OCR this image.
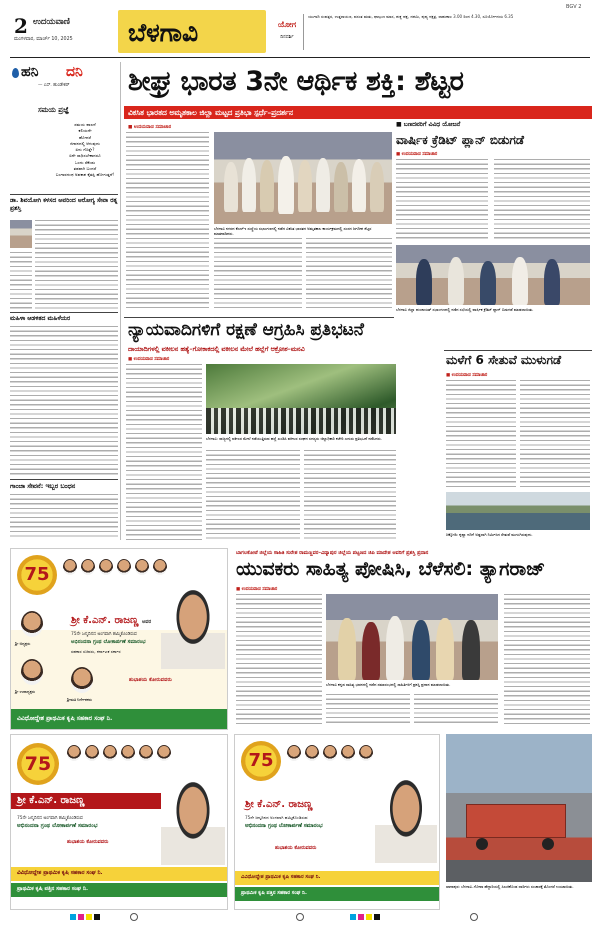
2 ಉದಯವಾಣಿ
ಮಂಗಳವಾರ, ಮಾರ್ಚ್ 10, 2025 ಬೆಳಗಾವಿ	ಯೋಗ
ದಿನದರ್ಶಿ
ಯುಗಾದಿ ಸಂವತ್ಸರ, ಉತ್ತರಾಯಣ, ವಸಂತ ಋತು, ಫಾಲ್ಗುಣ ಮಾಸ, ಶುಕ್ಲ ಪಕ್ಷ, ದಶಮಿ, ಪುಷ್ಯ ನಕ್ಷತ್ರ, ರಾಹುಕಾಲ 3.00 ರಿಂದ 4.30, ಸೂರ್ಯೋದಯ 6.35
BGV 2
ಹನಿ ದನಿ
— ಎಸ್. ಹುಂಡೇಕರ್
ಸಮಯ ಪ್ರಜ್ಞೆ
ಸಮಯ ಪಾಲನೆ
ಕಲಿಯದೇ
ಹೋದರೆ
ಜೀವನದಲ್ಲಿ ಆಗುವುದು
ಏನು ಗೊತ್ತೇ?
ಏನೇ ಸಾಧಿಸಬೇಕಾದರೂ
ಒಂದು ಸೆಕೆಂಡು
ತಡವಾಗಿ ಬಂದರೆ
ಬಂಗಾರದಂಥ ಅವಕಾಶ ಕೈತಪ್ಪಿ ಹೋಗುತ್ತದೆ!
ಡಾ. ಶಿವಯೋಗಿ ಕಳಸದ ಅವರಿಂದ ಆರೋಗ್ಯ ಸೇವಾ ರತ್ನ ಪ್ರಶಸ್ತಿ
ಮಹಿಳಾ ಆಡಳಿತದ ಮಹಿಳೆಯರ
ಗಾಂಜಾ ಸೇವನೆ: ಇಬ್ಬರ ಬಂಧನ
ಶೀಘ್ರ ಭಾರತ 3ನೇ ಆರ್ಥಿಕ ಶಕ್ತಿ: ಶೆಟ್ಟರ
ವಿಕಸಿತ ಭಾರತದ ಅಮೃತಕಾಲ ಜಿಲ್ಲಾ ಮಟ್ಟದ ಪ್ರತಿಭಾ ಸ್ಪರ್ಧೆ–ಪ್ರದರ್ಶನ
■ ಉದಯವಾಣಿ ಸಮಾಚಾರ
ಬೆಳಗಾವಿ ನಗರದ ಕೆಎಲ್‌ಇ ಸಂಸ್ಥೆಯ ಸಭಾಂಗಣದಲ್ಲಿ ನಡೆದ ವಿಕಸಿತ ಭಾರತದ ಅಮೃತಕಾಲ ಕಾರ್ಯಕ್ರಮದಲ್ಲಿ ಸಂಸದ ಜಗದೀಶ ಶೆಟ್ಟರ ಮಾತನಾಡಿದರು.
■ ಬಣದವರಿಗೆ ವಿವಿಧ ಯೋಜನೆ
ವಾರ್ಷಿಕ ಕ್ರೆಡಿಟ್ ಪ್ಲಾನ್ ಬಿಡುಗಡೆ
■ ಉದಯವಾಣಿ ಸಮಾಚಾರ
ಬೆಳಗಾವಿ ಜಿಲ್ಲಾ ಪಂಚಾಯತ್ ಸಭಾಂಗಣದಲ್ಲಿ ನಡೆದ ಸಭೆಯಲ್ಲಿ ವಾರ್ಷಿಕ ಕ್ರೆಡಿಟ್ ಪ್ಲಾನ್ ಬಿಡುಗಡೆ ಮಾಡಲಾಯಿತು.
ನ್ಯಾಯವಾದಿಗಳಿಗೆ ರಕ್ಷಣೆ ಆಗ್ರಹಿಸಿ ಪ್ರತಿಭಟನೆ
ದಾಯಾದಿಗಳಲ್ಲಿ ವಕೀಲನ ಹತ್ಯೆ–ಗೋಕಾಕದಲ್ಲಿ ವಕೀಲನ ಮೇಲೆ ಹಲ್ಲೆಗೆ ಆಕ್ರೋಶ–ಮನವಿ
■ ಉದಯವಾಣಿ ಸಮಾಚಾರ
ಬೆಳಗಾವಿ: ರಾಜ್ಯದಲ್ಲಿ ವಕೀಲರ ಮೇಲೆ ನಡೆಯುತ್ತಿರುವ ಹಲ್ಲೆ ಖಂಡಿಸಿ ವಕೀಲರ ಸಂಘದ ಸದಸ್ಯರು ಜಿಲ್ಲಾಧಿಕಾರಿ ಕಚೇರಿ ಎದುರು ಪ್ರತಿಭಟನೆ ನಡೆಸಿದರು.
ಮಳೆಗೆ 6 ಸೇತುವೆ ಮುಳುಗಡೆ
■ ಉದಯವಾಣಿ ಸಮಾಚಾರ
ಚಿಕ್ಕೋಡಿ: ಕೃಷ್ಣಾ ನದಿಗೆ ಅಡ್ಡಲಾಗಿ ನಿರ್ಮಿಸಿದ ಸೇತುವೆ ಮುಳುಗಿರುವುದು.
75
ಶ್ರೀ ಕೆ.ಎನ್. ರಾಜಣ್ಣ ಅವರ
75ನೇ ಜನ್ಮದಿನದ ಅಂಗವಾಗಿ ಹಮ್ಮಿಕೊಂಡಿರುವ
ಅಭಿನಂದನಾ ಗ್ರಂಥ ಲೋಕಾರ್ಪಣೆ ಸಮಾರಂಭ
ಸಹಕಾರ ಸಚಿವರು, ಕರ್ನಾಟಕ ಸರ್ಕಾರ
ಶ್ರೀ ಅಧ್ಯಕ್ಷರು
ಶ್ರೀ ಉಪಾಧ್ಯಕ್ಷರು
ಶ್ರೀಮತಿ ನಿರ್ದೇಶಕರು
ಶುಭಾಶಯ ಕೋರುವವರು
ವಿವಿಧೋದ್ದೇಶ ಪ್ರಾಥಮಿಕ ಕೃಷಿ ಸಹಕಾರ ಸಂಘ ನಿ.
75
ಶ್ರೀ ಕೆ.ಎನ್. ರಾಜಣ್ಣ
75ನೇ ಜನ್ಮದಿನದ ಅಂಗವಾಗಿ ಹಮ್ಮಿಕೊಂಡಿರುವ
ಅಭಿನಂದನಾ ಗ್ರಂಥ ಲೋಕಾರ್ಪಣೆ ಸಮಾರಂಭ
ಶುಭಾಶಯ ಕೋರುವವರು
ವಿವಿಧೋದ್ದೇಶ ಪ್ರಾಥಮಿಕ ಕೃಷಿ ಸಹಕಾರ ಸಂಘ ನಿ.
ಪ್ರಾಥಮಿಕ ಕೃಷಿ ಪತ್ತಿನ ಸಹಕಾರ ಸಂಘ ನಿ.
ಬಾಗಲಕೋಟೆ ಜಿಲ್ಲೆಯ ಸಾಹಿತಿ ಸುರೇಶ ರಾಮಣ್ಣವರ–ವಿದ್ಯಾಪುರ ಜಿಲ್ಲೆಯ ಪಟ್ಟಣದ ಜಿಪಿ ಮಾದೇಶ ಅವರಿಗೆ ಪ್ರಶಸ್ತಿ ಪ್ರದಾನ
ಯುವಕರು ಸಾಹಿತ್ಯ ಪೋಷಿಸಿ, ಬೆಳೆಸಲಿ: ತ್ಯಾಗರಾಜ್
■ ಉದಯವಾಣಿ ಸಮಾಚಾರ
ಬೆಳಗಾವಿ ಕನ್ನಡ ಸಾಹಿತ್ಯ ಭವನದಲ್ಲಿ ನಡೆದ ಸಮಾರಂಭದಲ್ಲಿ ಸಾಹಿತಿಗಳಿಗೆ ಪ್ರಶಸ್ತಿ ಪ್ರದಾನ ಮಾಡಲಾಯಿತು.
75
ಶ್ರೀ ಕೆ.ಎನ್. ರಾಜಣ್ಣ
75ನೇ ಜನ್ಮದಿನದ ಅಂಗವಾಗಿ ಹಮ್ಮಿಕೊಂಡಿರುವ
ಅಭಿನಂದನಾ ಗ್ರಂಥ ಲೋಕಾರ್ಪಣೆ ಸಮಾರಂಭ
ಶುಭಾಶಯ ಕೋರುವವರು
ವಿವಿಧೋದ್ದೇಶ ಪ್ರಾಥಮಿಕ ಕೃಷಿ ಸಹಕಾರ ಸಂಘ ನಿ.
ಪ್ರಾಥಮಿಕ ಕೃಷಿ ಪತ್ತಿನ ಸಹಕಾರ ಸಂಘ ನಿ.
ಖಾನಾಪುರ: ಬೆಳಗಾವಿ–ಗೋವಾ ಹೆದ್ದಾರಿಯಲ್ಲಿ ಸಿಲುಕಿಕೊಂಡ ಲಾರಿಗಳು ಸಂಚಾರಕ್ಕೆ ತೊಂದರೆ ಉಂಟಾಯಿತು.
